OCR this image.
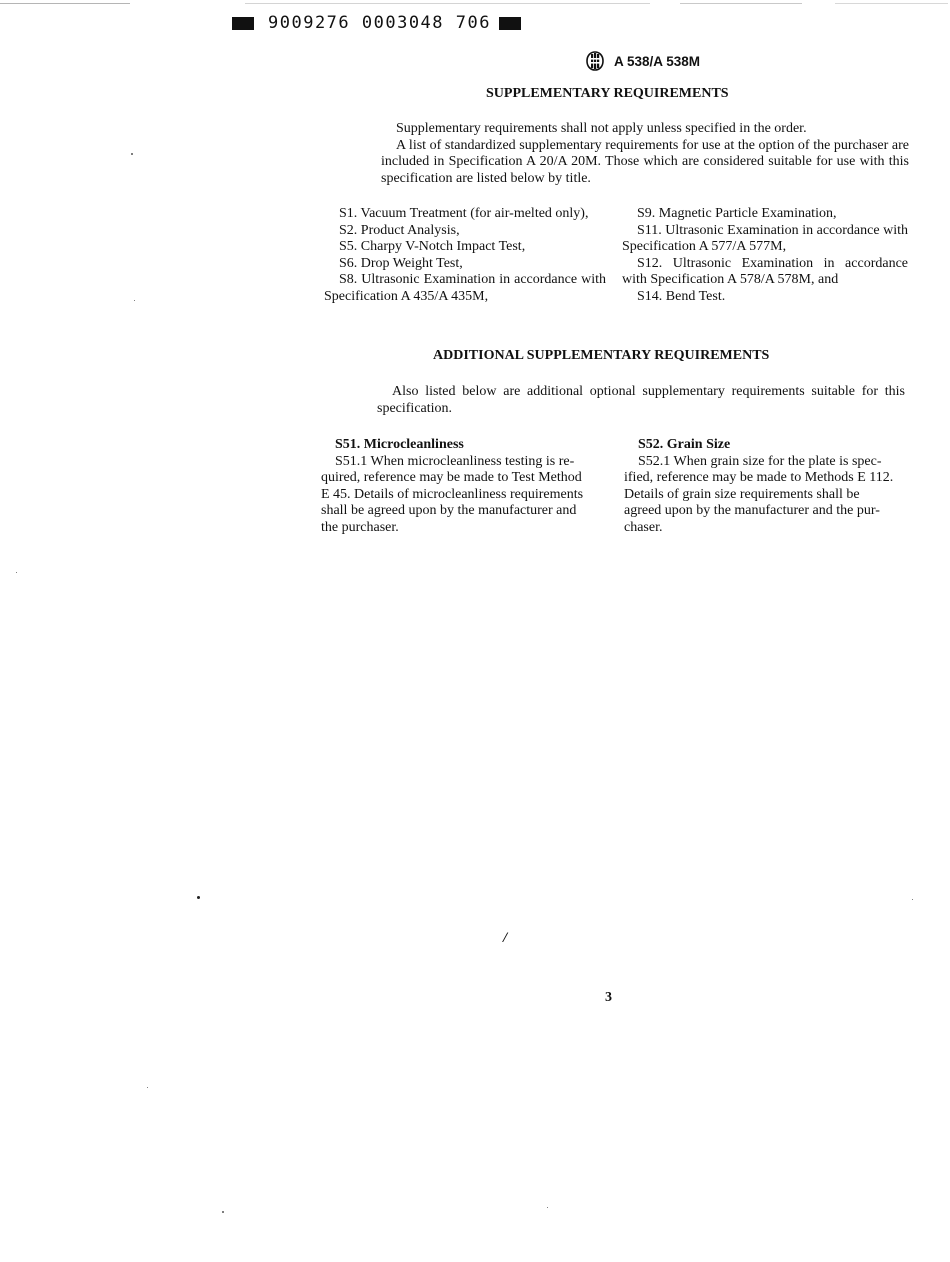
9009276 0003048 706
A 538/A 538M
SUPPLEMENTARY REQUIREMENTS
Supplementary requirements shall not apply unless specified in the order.
A list of standardized supplementary requirements for use at the option of the purchaser are included in Specification A 20/A 20M. Those which are considered suitable for use with this specification are listed below by title.
S1. Vacuum Treatment (for air-melted only),
S2. Product Analysis,
S5. Charpy V-Notch Impact Test,
S6. Drop Weight Test,
S8. Ultrasonic Examination in accordance with Specification A 435/A 435M,
S9. Magnetic Particle Examination,
S11. Ultrasonic Examination in accordance with Specification A 577/A 577M,
S12. Ultrasonic Examination in accordance with Specification A 578/A 578M, and
S14. Bend Test.
ADDITIONAL SUPPLEMENTARY REQUIREMENTS
Also listed below are additional optional supplementary requirements suitable for this specification.
S51. Microcleanliness
S51.1 When microcleanliness testing is re-
quired, reference may be made to Test Method
E 45. Details of microcleanliness requirements
shall be agreed upon by the manufacturer and
the purchaser.
S52. Grain Size
S52.1 When grain size for the plate is spec-
ified, reference may be made to Methods E 112.
Details of grain size requirements shall be
agreed upon by the manufacturer and the pur-
chaser.
/
3
